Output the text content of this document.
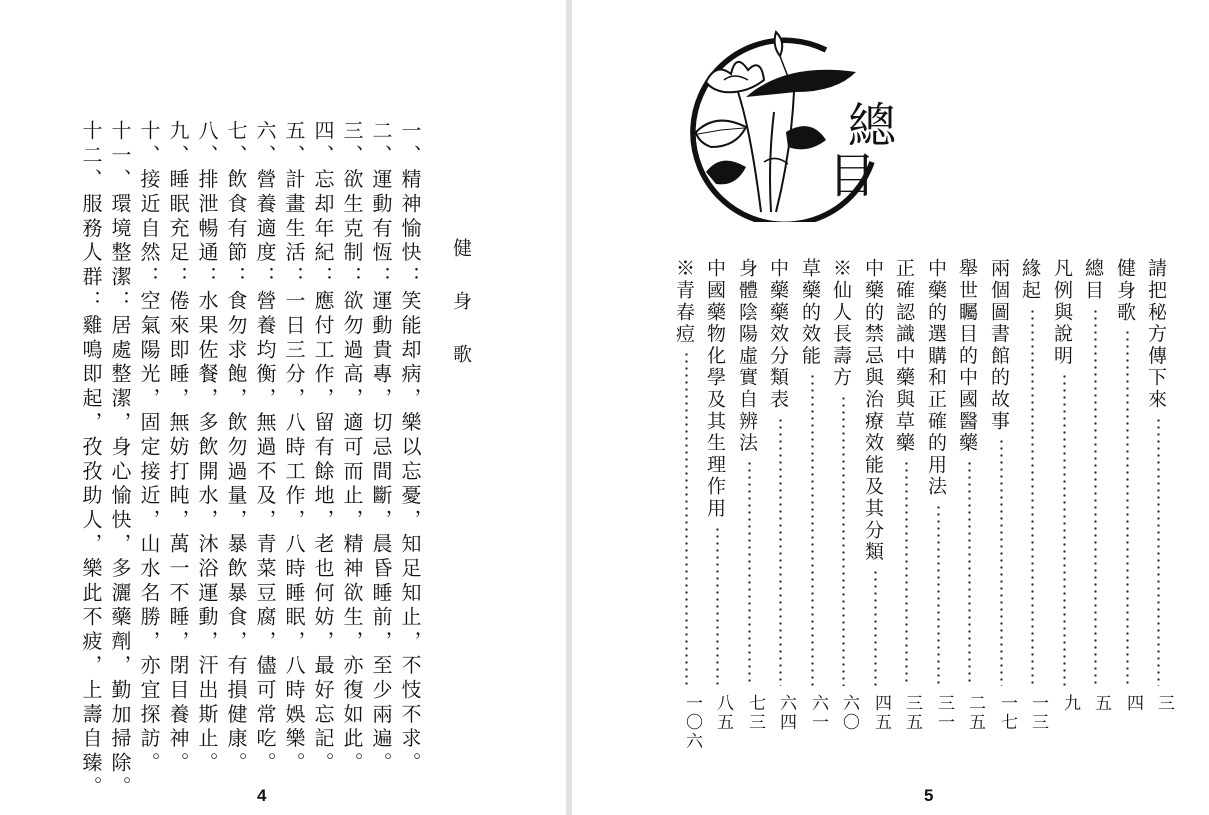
健身歌
一、精神愉快：笑能却病，樂以忘憂，知足知止，不忮不求。
二、運動有恆：運動貴專，切忌間斷，晨昏睡前，至少兩遍。
三、欲生克制：欲勿過高，適可而止，精神欲生，亦復如此。
四、忘却年紀：應付工作，留有餘地，老也何妨，最好忘記。
五、計畫生活：一日三分，八時工作，八時睡眠，八時娛樂。
六、營養適度：營養均衡，無過不及，青菜豆腐，儘可常吃。
七、飲食有節：食勿求飽，飲勿過量，暴飲暴食，有損健康。
八、排泄暢通：水果佐餐，多飲開水，沐浴運動，汗出斯止。
九、睡眠充足：倦來即睡，無妨打盹，萬一不睡，閉目養神。
十、接近自然：空氣陽光，固定接近，山水名勝，亦宜探訪。
十一、環境整潔：居處整潔，身心愉快，多灑藥劑，勤加掃除。
十二、服務人群：雞鳴即起，孜孜助人，樂此不疲，上壽自臻。	4
總
目
請把秘方傳下來
三
健身歌
四
總目
五
凡例與說明
九
緣起
一三
兩個圖書館的故事
一七
舉世矚目的中國醫藥
二五
中藥的選購和正確的用法
三一
正確認識中藥與草藥
三五
中藥的禁忌與治療效能及其分類
四五
※仙人長壽方
六〇
草藥的效能
六一
中藥藥效分類表
六四
身體陰陽虛實自辨法
七三
中國藥物化學及其生理作用
八五
※青春痘
一〇六
5
